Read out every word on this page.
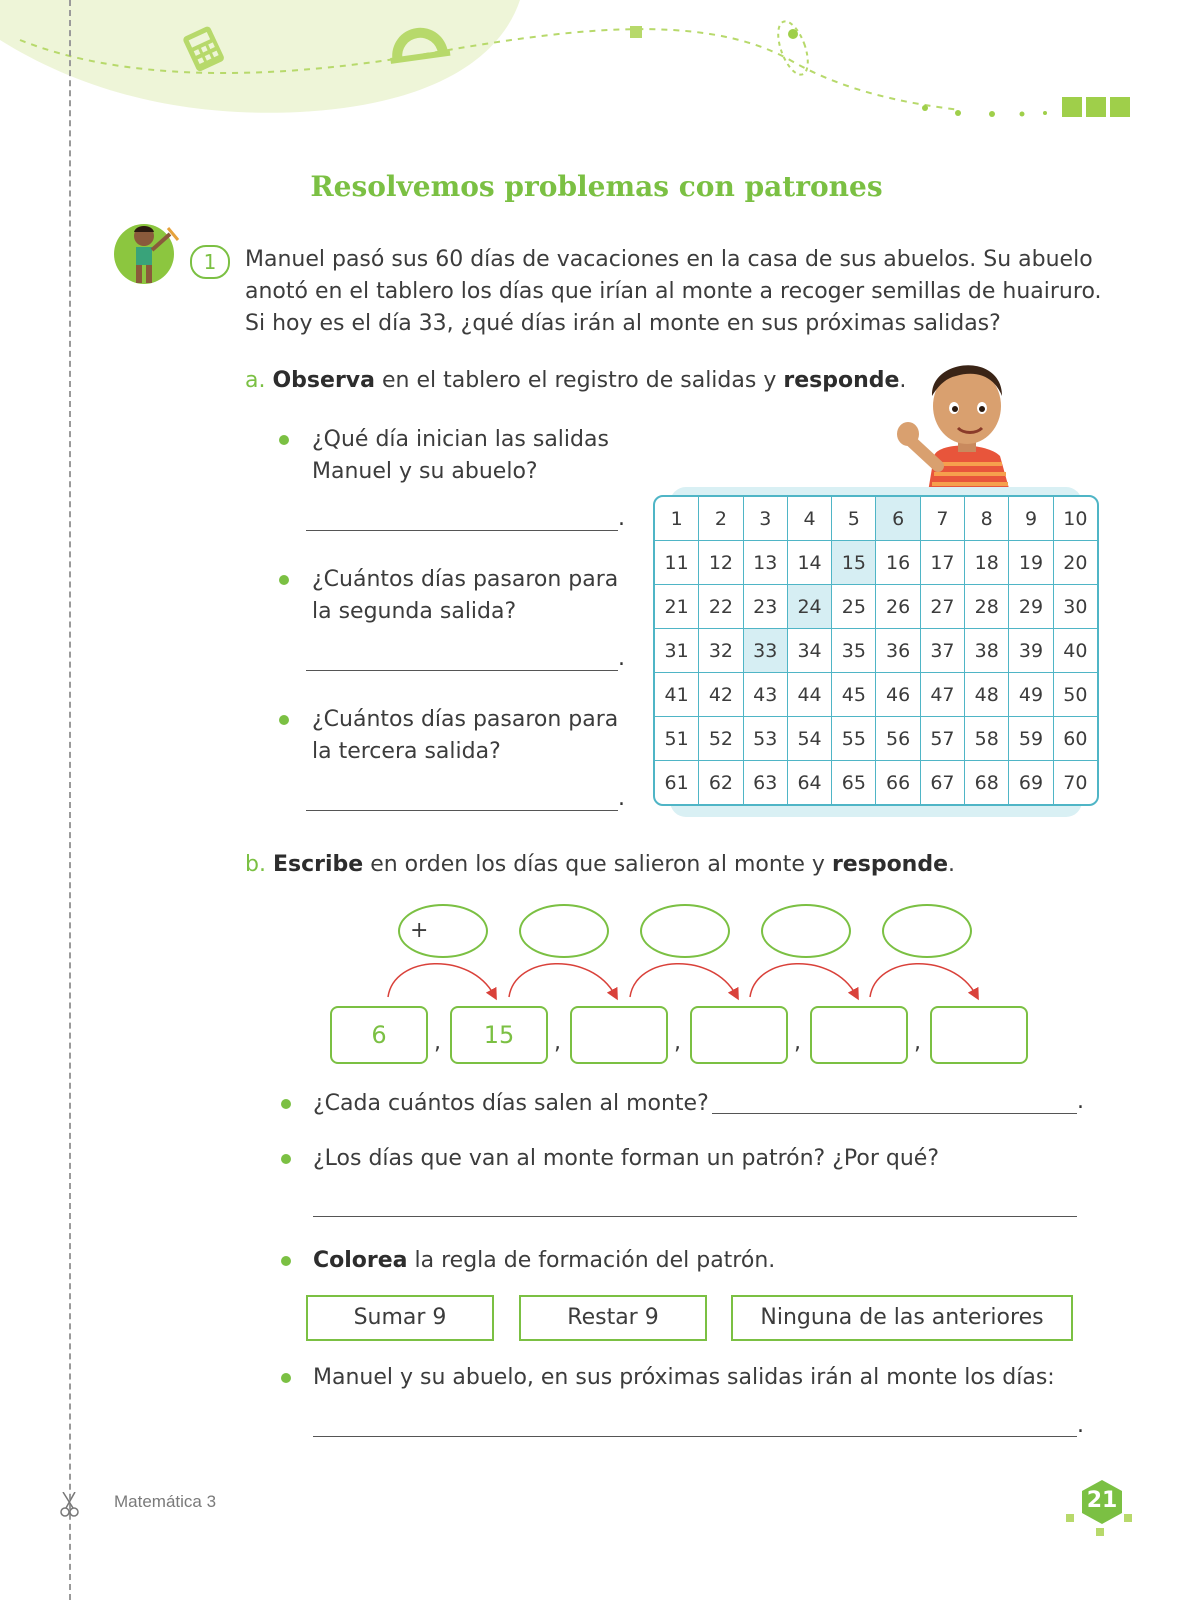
Resolvemos problemas con patrones
1	Manuel pasó sus 60 días de vacaciones en la casa de sus abuelos. Su abuelo
anotó en el tablero los días que irían al monte a recoger semillas de huairuro.
Si hoy es el día 33, ¿qué días irán al monte en sus próximas salidas?
a. Observa en el tablero el registro de salidas y responde.
¿Qué día inician las salidas
Manuel y su abuelo?
.
¿Cuántos días pasaron para
la segunda salida?
.
¿Cuántos días pasaron para
la tercera salida?
.
1	2	3	4	5	6	7	8	9	10
11	12	13	14	15	16	17	18	19	20
21	22	23	24	25	26	27	28	29	30
31	32	33	34	35	36	37	38	39	40
41	42	43	44	45	46	47	48	49	50
51	52	53	54	55	56	57	58	59	60
61	62	63	64	65	66	67	68	69	70
b. Escribe en orden los días que salieron al monte y responde.
+
6	,	15	,	,	,	,
¿Cada cuántos días salen al monte?	.
¿Los días que van al monte forman un patrón? ¿Por qué?
Colorea la regla de formación del patrón.
Sumar 9	Restar 9	Ninguna de las anteriores
Manuel y su abuelo, en sus próximas salidas irán al monte los días:
.
Matemática 3	21
